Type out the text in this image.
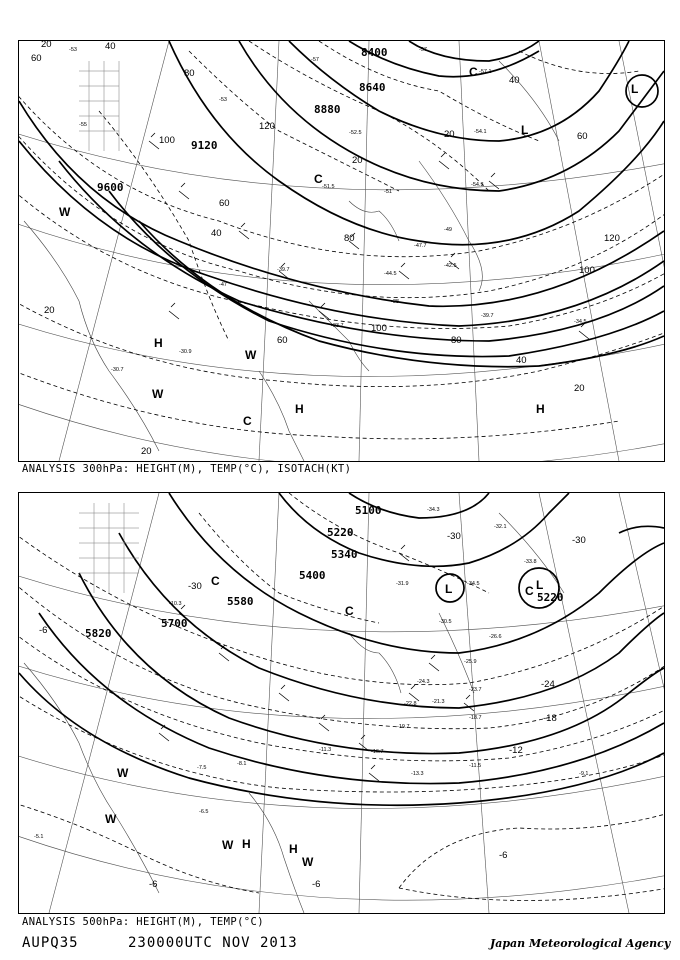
9600
9120
8880
8640
8400
20	40
60
80
100
120
60
80
100
40
20
40
60	80
120
100
20
40
20
60
20
20
H
H	H
L
L
C
C
C
W
W
W
-53
-55
-57
-57
-52.5
-51
-49
-47.7
-44.5
-42.5
-38
-39.7
-33.7
-34.5
-30.9
-30.7
-39.7
-54.1
-54.3
-57.1
-53
-51.5
-47
ANALYSIS 300hPa: HEIGHT(M), TEMP(°C), ISOTACH(KT)
5100
5220
5340
5400
5580
5700
5820
5220
-30	-30
-30
-24
-18
-12
-6
-6
-6	-6
L	L
H	H
C
C
C
W
W
W
W
-34.3
-32.1
-33.8
-34.5
-31.9
-30.5
-26.6
-25.9
-24.3
-23.7
-21.3
-22.8
-18.7
-19.7
-16.7
-13.3
-11.5
-11.3
-9.1
-8.1
-7.5
-6.5
-5.1
-10.3
ANALYSIS 500hPa: HEIGHT(M), TEMP(°C)
AUPQ35	230000UTC NOV 2013	Japan Meteorological Agency
